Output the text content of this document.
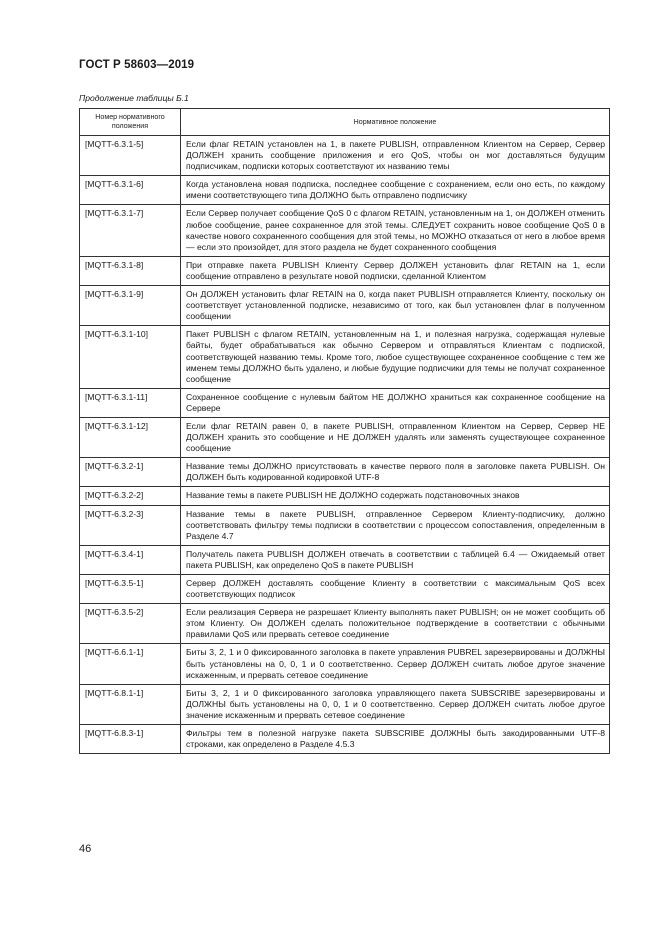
ГОСТ Р 58603—2019
Продолжение таблицы Б.1
Номер нормативного положения	Нормативное положение
[MQTT-6.3.1-5]	Если флаг RETAIN установлен на 1, в пакете PUBLISH, отправленном Клиентом на Сервер, Сервер ДОЛЖЕН хранить сообщение приложения и его QoS, чтобы он мог доставляться будущим подписчикам, подписки которых соответствуют их названию темы
[MQTT-6.3.1-6]	Когда установлена новая подписка, последнее сообщение с сохранением, если оно есть, по каждому имени соответствующего типа ДОЛЖНО быть отправлено подписчику
[MQTT-6.3.1-7]	Если Сервер получает сообщение QoS 0 с флагом RETAIN, установленным на 1, он ДОЛЖЕН отменить любое сообщение, ранее сохраненное для этой темы. СЛЕДУЕТ сохранить новое сообщение QoS 0 в качестве нового сохраненного сообщения для этой темы, но МОЖНО отказаться от него в любое время — если это произойдет, для этого раздела не будет сохраненного сообщения
[MQTT-6.3.1-8]	При отправке пакета PUBLISH Клиенту Сервер ДОЛЖЕН установить флаг RETAIN на 1, если сообщение отправлено в результате новой подписки, сделанной Клиентом
[MQTT-6.3.1-9]	Он ДОЛЖЕН установить флаг RETAIN на 0, когда пакет PUBLISH отправляется Клиенту, поскольку он соответствует установленной подписке, независимо от того, как был установлен флаг в полученном сообщении
[MQTT-6.3.1-10]	Пакет PUBLISH с флагом RETAIN, установленным на 1, и полезная нагрузка, содержащая нулевые байты, будет обрабатываться как обычно Сервером и отправляться Клиентам с подпиской, соответствующей названию темы. Кроме того, любое существующее сохраненное сообщение с тем же именем темы ДОЛЖНО быть удалено, и любые будущие подписчики для темы не получат сохраненное сообщение
[MQTT-6.3.1-11]	Сохраненное сообщение с нулевым байтом НЕ ДОЛЖНО храниться как сохраненное сообщение на Сервере
[MQTT-6.3.1-12]	Если флаг RETAIN равен 0, в пакете PUBLISH, отправленном Клиентом на Сервер, Сервер НЕ ДОЛЖЕН хранить это сообщение и НЕ ДОЛЖЕН удалять или заменять существующее сохраненное сообщение
[MQTT-6.3.2-1]	Название темы ДОЛЖНО присутствовать в качестве первого поля в заголовке пакета PUBLISH. Он ДОЛЖЕН быть кодированной кодировкой UTF-8
[MQTT-6.3.2-2]	Название темы в пакете PUBLISH НЕ ДОЛЖНО содержать подстановочных знаков
[MQTT-6.3.2-3]	Название темы в пакете PUBLISH, отправленное Сервером Клиенту-подписчику, должно соответствовать фильтру темы подписки в соответствии с процессом сопоставления, определенным в Разделе 4.7
[MQTT-6.3.4-1]	Получатель пакета PUBLISH ДОЛЖЕН отвечать в соответствии с таблицей 6.4 — Ожидаемый ответ пакета PUBLISH, как определено QoS в пакете PUBLISH
[MQTT-6.3.5-1]	Сервер ДОЛЖЕН доставлять сообщение Клиенту в соответствии с максимальным QoS всех соответствующих подписок
[MQTT-6.3.5-2]	Если реализация Сервера не разрешает Клиенту выполнять пакет PUBLISH; он не может сообщить об этом Клиенту. Он ДОЛЖЕН сделать положительное подтверждение в соответствии с обычными правилами QoS или прервать сетевое соединение
[MQTT-6.6.1-1]	Биты 3, 2, 1 и 0 фиксированного заголовка в пакете управления PUBREL зарезервированы и ДОЛЖНЫ быть установлены на 0, 0, 1 и 0 соответственно. Сервер ДОЛЖЕН считать любое другое значение искаженным, и прервать сетевое соединение
[MQTT-6.8.1-1]	Биты 3, 2, 1 и 0 фиксированного заголовка управляющего пакета SUBSCRIBE зарезервированы и ДОЛЖНЫ быть установлены на 0, 0, 1 и 0 соответственно. Сервер ДОЛЖЕН считать любое другое значение искаженным и прервать сетевое соединение
[MQTT-6.8.3-1]	Фильтры тем в полезной нагрузке пакета SUBSCRIBE ДОЛЖНЫ быть закодированными UTF-8 строками, как определено в Разделе 4.5.3
46
